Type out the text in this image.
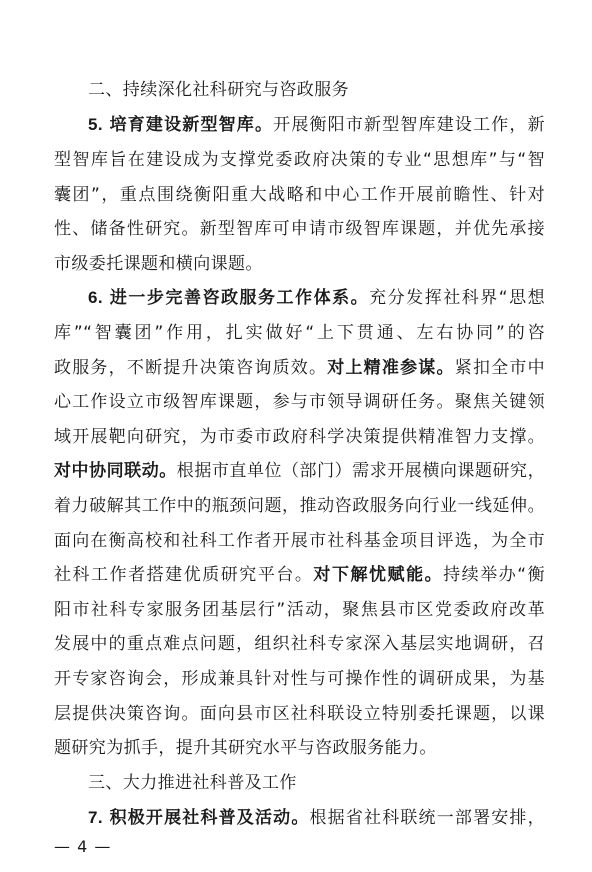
二、持续深化社科研究与咨政服务
5. 培育建设新型智库。开展衡阳市新型智库建设工作，新
型智库旨在建设成为支撑党委政府决策的专业“思想库”与“智
囊团”，重点围绕衡阳重大战略和中心工作开展前瞻性、针对
性、储备性研究。新型智库可申请市级智库课题，并优先承接
市级委托课题和横向课题。
6. 进一步完善咨政服务工作体系。充分发挥社科界“思想
库”“智囊团”作用，扎实做好“上下贯通、左右协同”的咨
政服务，不断提升决策咨询质效。对上精准参谋。紧扣全市中
心工作设立市级智库课题，参与市领导调研任务。聚焦关键领
域开展靶向研究，为市委市政府科学决策提供精准智力支撑。
对中协同联动。根据市直单位（部门）需求开展横向课题研究，
着力破解其工作中的瓶颈问题，推动咨政服务向行业一线延伸。
面向在衡高校和社科工作者开展市社科基金项目评选，为全市
社科工作者搭建优质研究平台。对下解忧赋能。持续举办“衡
阳市社科专家服务团基层行”活动，聚焦县市区党委政府改革
发展中的重点难点问题，组织社科专家深入基层实地调研，召
开专家咨询会，形成兼具针对性与可操作性的调研成果，为基
层提供决策咨询。面向县市区社科联设立特别委托课题，以课
题研究为抓手，提升其研究水平与咨政服务能力。
三、大力推进社科普及工作
7. 积极开展社科普及活动。根据省社科联统一部署安排，
— 4 —
